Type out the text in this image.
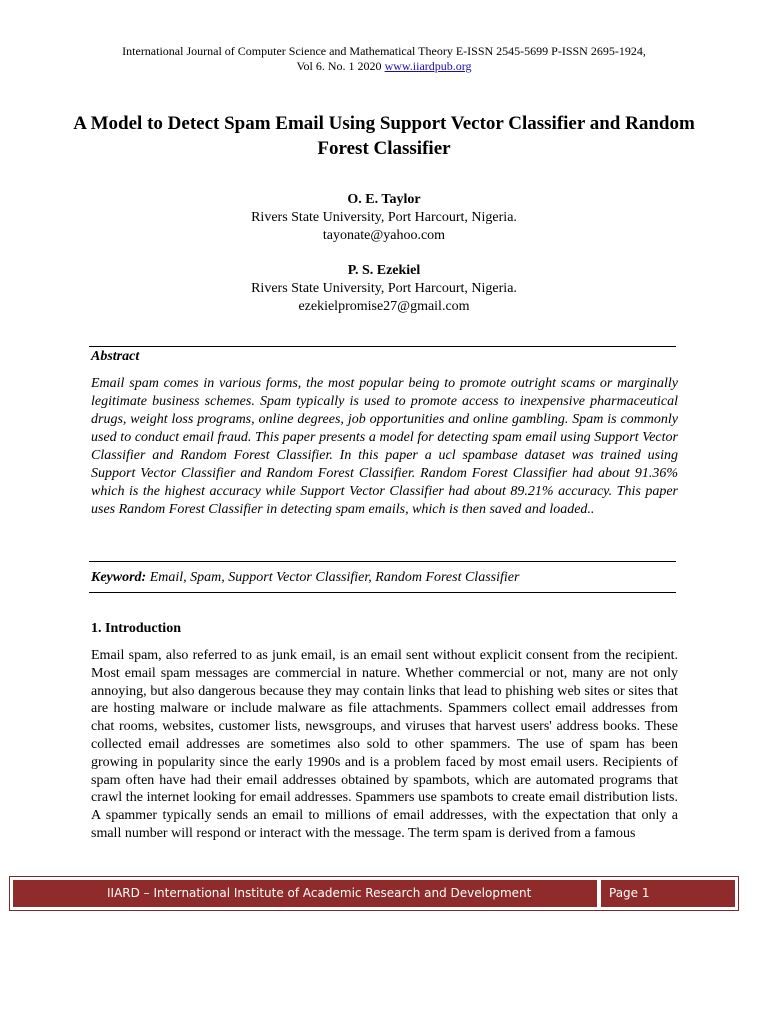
International Journal of Computer Science and Mathematical Theory E-ISSN 2545-5699 P-ISSN 2695-1924,
Vol 6. No. 1 2020 www.iiardpub.org
A Model to Detect Spam Email Using Support Vector Classifier and Random Forest Classifier
O. E. Taylor
Rivers State University, Port Harcourt, Nigeria.
tayonate@yahoo.com
P. S. Ezekiel
Rivers State University, Port Harcourt, Nigeria.
ezekielpromise27@gmail.com
Abstract
Email spam comes in various forms, the most popular being to promote outright scams or marginally legitimate business schemes. Spam typically is used to promote access to inexpensive pharmaceutical drugs, weight loss programs, online degrees, job opportunities and online gambling. Spam is commonly used to conduct email fraud. This paper presents a model for detecting spam email using Support Vector Classifier and Random Forest Classifier. In this paper a ucl spambase dataset was trained using Support Vector Classifier and Random Forest Classifier. Random Forest Classifier had about 91.36% which is the highest accuracy while Support Vector Classifier had about 89.21% accuracy. This paper uses Random Forest Classifier in detecting spam emails, which is then saved and loaded..
Keyword: Email, Spam, Support Vector Classifier, Random Forest Classifier
1. Introduction
Email spam, also referred to as junk email, is an email sent without explicit consent from the recipient. Most email spam messages are commercial in nature. Whether commercial or not, many are not only annoying, but also dangerous because they may contain links that lead to phishing web sites or sites that are hosting malware or include malware as file attachments. Spammers collect email addresses from chat rooms, websites, customer lists, newsgroups, and viruses that harvest users' address books. These collected email addresses are sometimes also sold to other spammers. The use of spam has been growing in popularity since the early 1990s and is a problem faced by most email users. Recipients of spam often have had their email addresses obtained by spambots, which are automated programs that crawl the internet looking for email addresses. Spammers use spambots to create email distribution lists. A spammer typically sends an email to millions of email addresses, with the expectation that only a small number will respond or interact with the message. The term spam is derived from a famous
IIARD – International Institute of Academic Research and Development	Page 1
